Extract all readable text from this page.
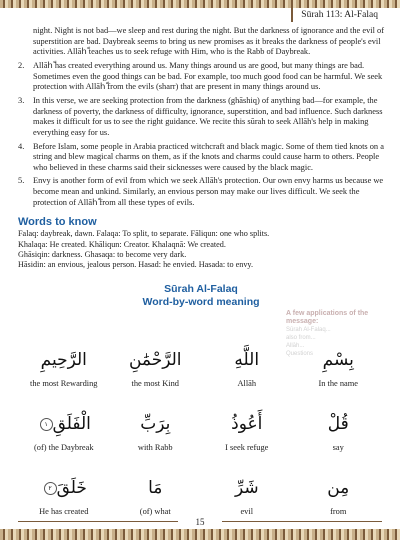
Sūrah 113: Al-Falaq
night. Night is not bad—we sleep and rest during the night. But the darkness of ignorance and the evil of superstition are bad. Daybreak seems to bring us new promises as it breaks the darkness of people's evil activities. Allāhّ teaches us to seek refuge with Him, who is the Rabb of Daybreak.
2. Allāhّ has created everything around us. Many things around us are good, but many things are bad. Sometimes even the good things can be bad. For example, too much good food can be harmful. We seek protection with Allāhّ from the evils (sharr) that are present in many things around us.
3. In this verse, we are seeking protection from the darkness (ghāshiq) of anything bad—for example, the darkness of poverty, the darkness of difficulty, ignorance, superstition, and bad influence. Such darkness makes it difficult for us to see the right guidance. We recite this sūrah to seek Allāh's help in making everything easy for us.
4. Before Islam, some people in Arabia practiced witchcraft and black magic. Some of them tied knots on a string and blew magical charms on them, as if the knots and charms could cause harm to others. People who believed in these charms said their sicknesses were caused by the black magic.
5. Envy is another form of evil from which we seek Allāh's protection. Our own envy harms us because we become mean and unkind. Similarly, an envious person may make our lives difficult. We seek the protection of Allāhّ from all these types of evils.
Words to know
Falaq: daybreak, dawn. Falaqa: To split, to separate. Fāliqun: one who splits.
Khalaqa: He created. Khāliqun: Creator. Khalaqnā: We created.
Ghāsiqin: darkness. Ghasaqa: to become very dark.
Hāsidin: an envious, jealous person. Hasad: he envied. Hasada: to envy.
Sūrah Al-Falaq
Word-by-word meaning
الرَّحِيمِ
the most Rewarding
الرَّحْمَٰنِ
the most Kind
اللَّهِ
Allāh
بِسْمِ
In the name
الْفَلَقِ١
(of) the Daybreak
بِرَبِّ
with Rabb
أَعُوذُ
I seek refuge
قُلْ
say
خَلَقَ٢
He has created
مَا
(of) what
شَرِّ
evil
مِن
from
A few applications of the message:
Sūrah Al-Falaq...
also from...
Allāh...
Questions
15
